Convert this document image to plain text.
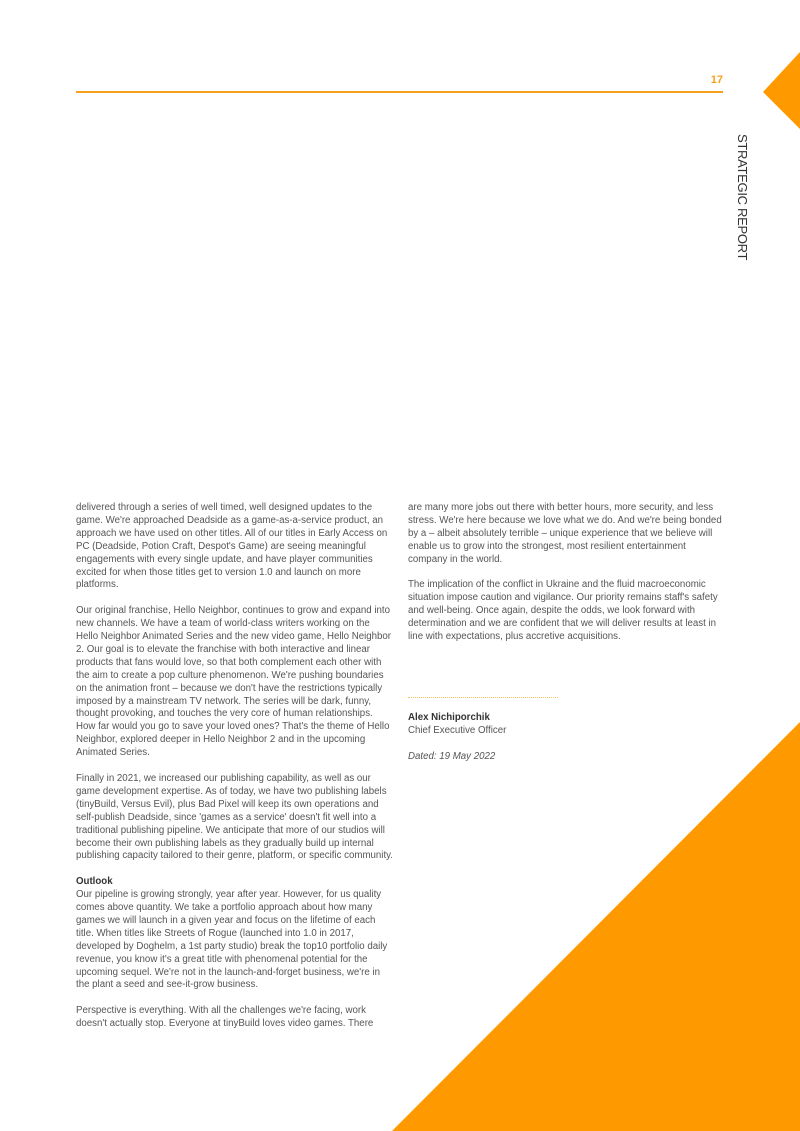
17
STRATEGIC REPORT

delivered through a series of well timed, well designed updates to the game. We're approached Deadside as a game-as-a-service product, an approach we have used on other titles. All of our titles in Early Access on PC (Deadside, Potion Craft, Despot's Game) are seeing meaningful engagements with every single update, and have player communities excited for when those titles get to version 1.0 and launch on more platforms.

Our original franchise, Hello Neighbor, continues to grow and expand into new channels. We have a team of world-class writers working on the Hello Neighbor Animated Series and the new video game, Hello Neighbor 2. Our goal is to elevate the franchise with both interactive and linear products that fans would love, so that both complement each other with the aim to create a pop culture phenomenon. We're pushing boundaries on the animation front – because we don't have the restrictions typically imposed by a mainstream TV network. The series will be dark, funny, thought provoking, and touches the very core of human relationships. How far would you go to save your loved ones? That's the theme of Hello Neighbor, explored deeper in Hello Neighbor 2 and in the upcoming Animated Series.

Finally in 2021, we increased our publishing capability, as well as our game development expertise. As of today, we have two publishing labels (tinyBuild, Versus Evil), plus Bad Pixel will keep its own operations and self-publish Deadside, since 'games as a service' doesn't fit well into a traditional publishing pipeline. We anticipate that more of our studios will become their own publishing labels as they gradually build up internal publishing capacity tailored to their genre, platform, or specific community.

Outlook

Our pipeline is growing strongly, year after year. However, for us quality comes above quantity. We take a portfolio approach about how many games we will launch in a given year and focus on the lifetime of each title. When titles like Streets of Rogue (launched into 1.0 in 2017, developed by Doghelm, a 1st party studio) break the top10 portfolio daily revenue, you know it's a great title with phenomenal potential for the upcoming sequel. We're not in the launch-and-forget business, we're in the plant a seed and see-it-grow business.

Perspective is everything. With all the challenges we're facing, work doesn't actually stop. Everyone at tinyBuild loves video games. There

are many more jobs out there with better hours, more security, and less stress. We're here because we love what we do. And we're being bonded by a – albeit absolutely terrible – unique experience that we believe will enable us to grow into the strongest, most resilient entertainment company in the world.

The implication of the conflict in Ukraine and the fluid macroeconomic situation impose caution and vigilance. Our priority remains staff's safety and well-being. Once again, despite the odds, we look forward with determination and we are confident that we will deliver results at least in line with expectations, plus accretive acquisitions.

Alex Nichiporchik
Chief Executive Officer
Dated: 19 May 2022
